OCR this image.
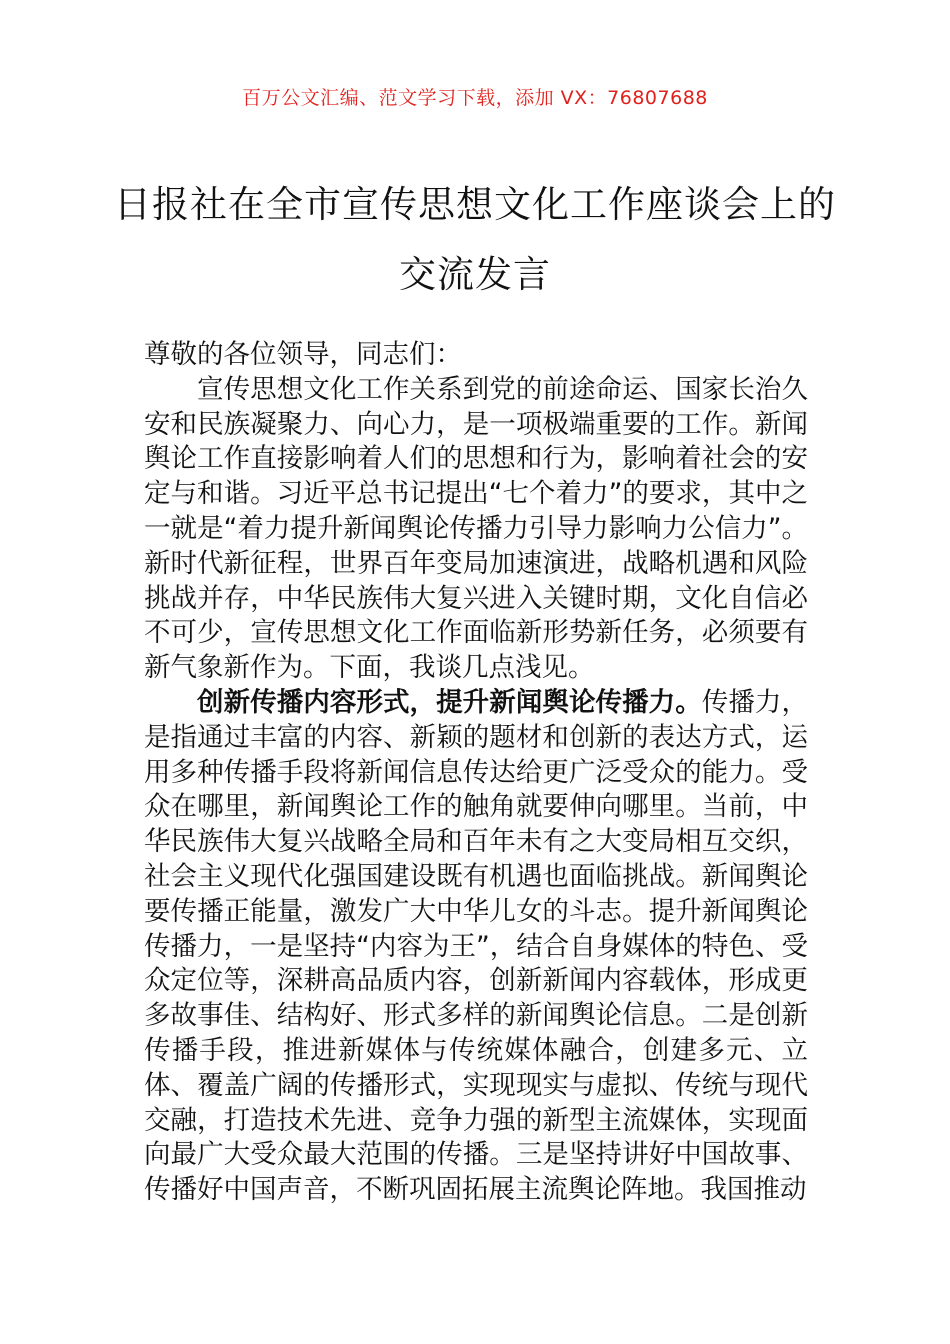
百万公文汇编、范文学习下载，添加 VX：76807688
日报社在全市宣传思想文化工作座谈会上的交流发言

尊敬的各位领导，同志们：

宣传思想文化工作关系到党的前途命运、国家长治久安和民族凝聚力、向心力，是一项极端重要的工作。新闻舆论工作直接影响着人们的思想和行为，影响着社会的安定与和谐。习近平总书记提出“七个着力”的要求，其中之一就是“着力提升新闻舆论传播力引导力影响力公信力”。新时代新征程，世界百年变局加速演进，战略机遇和风险挑战并存，中华民族伟大复兴进入关键时期，文化自信必不可少，宣传思想文化工作面临新形势新任务，必须要有新气象新作为。下面，我谈几点浅见。

创新传播内容形式，提升新闻舆论传播力。传播力，是指通过丰富的内容、新颖的题材和创新的表达方式，运用多种传播手段将新闻信息传达给更广泛受众的能力。受众在哪里，新闻舆论工作的触角就要伸向哪里。当前，中华民族伟大复兴战略全局和百年未有之大变局相互交织，社会主义现代化强国建设既有机遇也面临挑战。新闻舆论要传播正能量，激发广大中华儿女的斗志。提升新闻舆论传播力，一是坚持“内容为王”，结合自身媒体的特色、受众定位等，深耕高品质内容，创新新闻内容载体，形成更多故事佳、结构好、形式多样的新闻舆论信息。二是创新传播手段，推进新媒体与传统媒体融合，创建多元、立体、覆盖广阔的传播形式，实现现实与虚拟、传统与现代交融，打造技术先进、竞争力强的新型主流媒体，实现面向最广大受众最大范围的传播。三是坚持讲好中国故事、传播好中国声音，不断巩固拓展主流舆论阵地。我国推动
